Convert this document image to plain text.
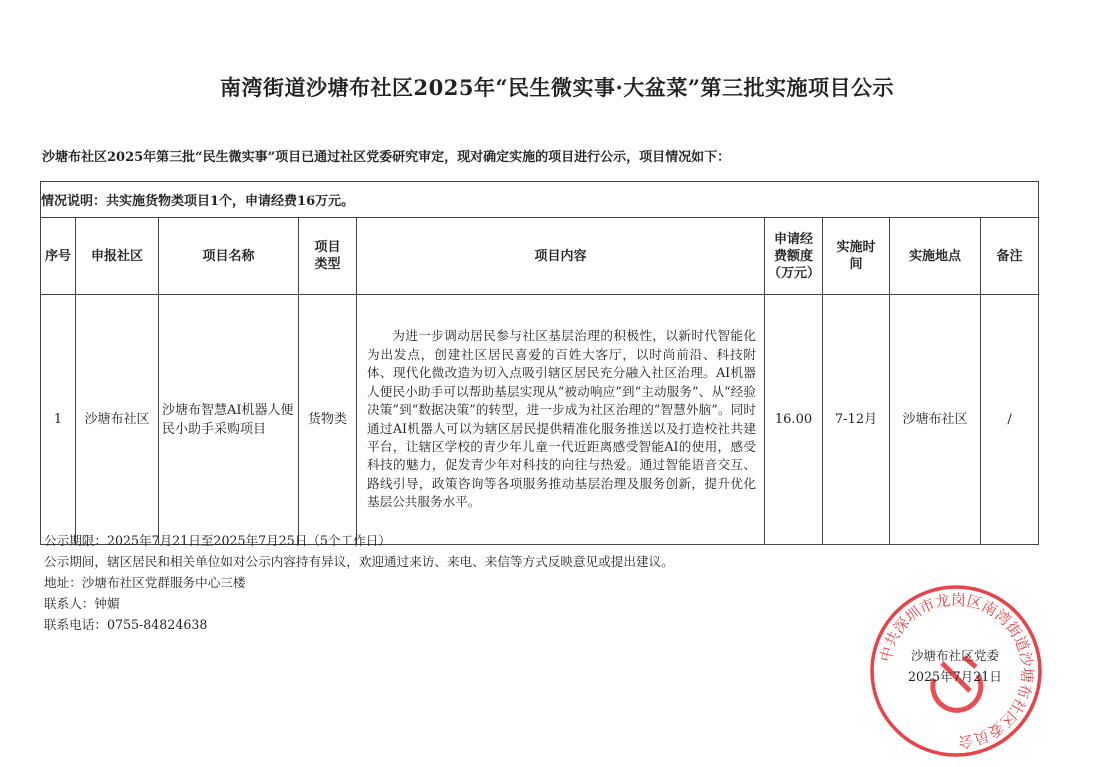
南湾街道沙塘布社区2025年“民生微实事·大盆菜”第三批实施项目公示
沙塘布社区2025年第三批“民生微实事”项目已通过社区党委研究审定，现对确定实施的项目进行公示，项目情况如下：
情况说明：共实施货物类项目1个，申请经费16万元。								
序号	申报社区	项目名称	项目类型	项目内容	申请经费额度（万元）	实施时间	实施地点	备注
1	沙塘布社区	沙塘布智慧AI机器人便民小助手采购项目	货物类	为进一步调动居民参与社区基层治理的积极性，以新时代智能化为出发点，创建社区居民喜爱的百姓大客厅，以时尚前沿、科技附体、现代化微改造为切入点吸引辖区居民充分融入社区治理。AI机器人便民小助手可以帮助基层实现从“被动响应”到“主动服务”、从“经验决策”到“数据决策”的转型，进一步成为社区治理的”智慧外脑”。同时通过AI机器人可以为辖区居民提供精准化服务推送以及打造校社共建平台，让辖区学校的青少年儿童一代近距离感受智能AI的使用，感受科技的魅力，促发青少年对科技的向往与热爱。通过智能语音交互、路线引导，政策咨询等各项服务推动基层治理及服务创新，提升优化基层公共服务水平。	16.00	7-12月	沙塘布社区	/
公示期限：2025年7月21日至2025年7月25日（5个工作日）
公示期间，辖区居民和相关单位如对公示内容持有异议，欢迎通过来访、来电、来信等方式反映意见或提出建议。
地址：沙塘布社区党群服务中心三楼
联系人：钟媚
联系电话：0755-84824638
中共深圳市龙岗区南湾街道沙塘布社区委员会
沙塘布社区党委
2025年7月21日
